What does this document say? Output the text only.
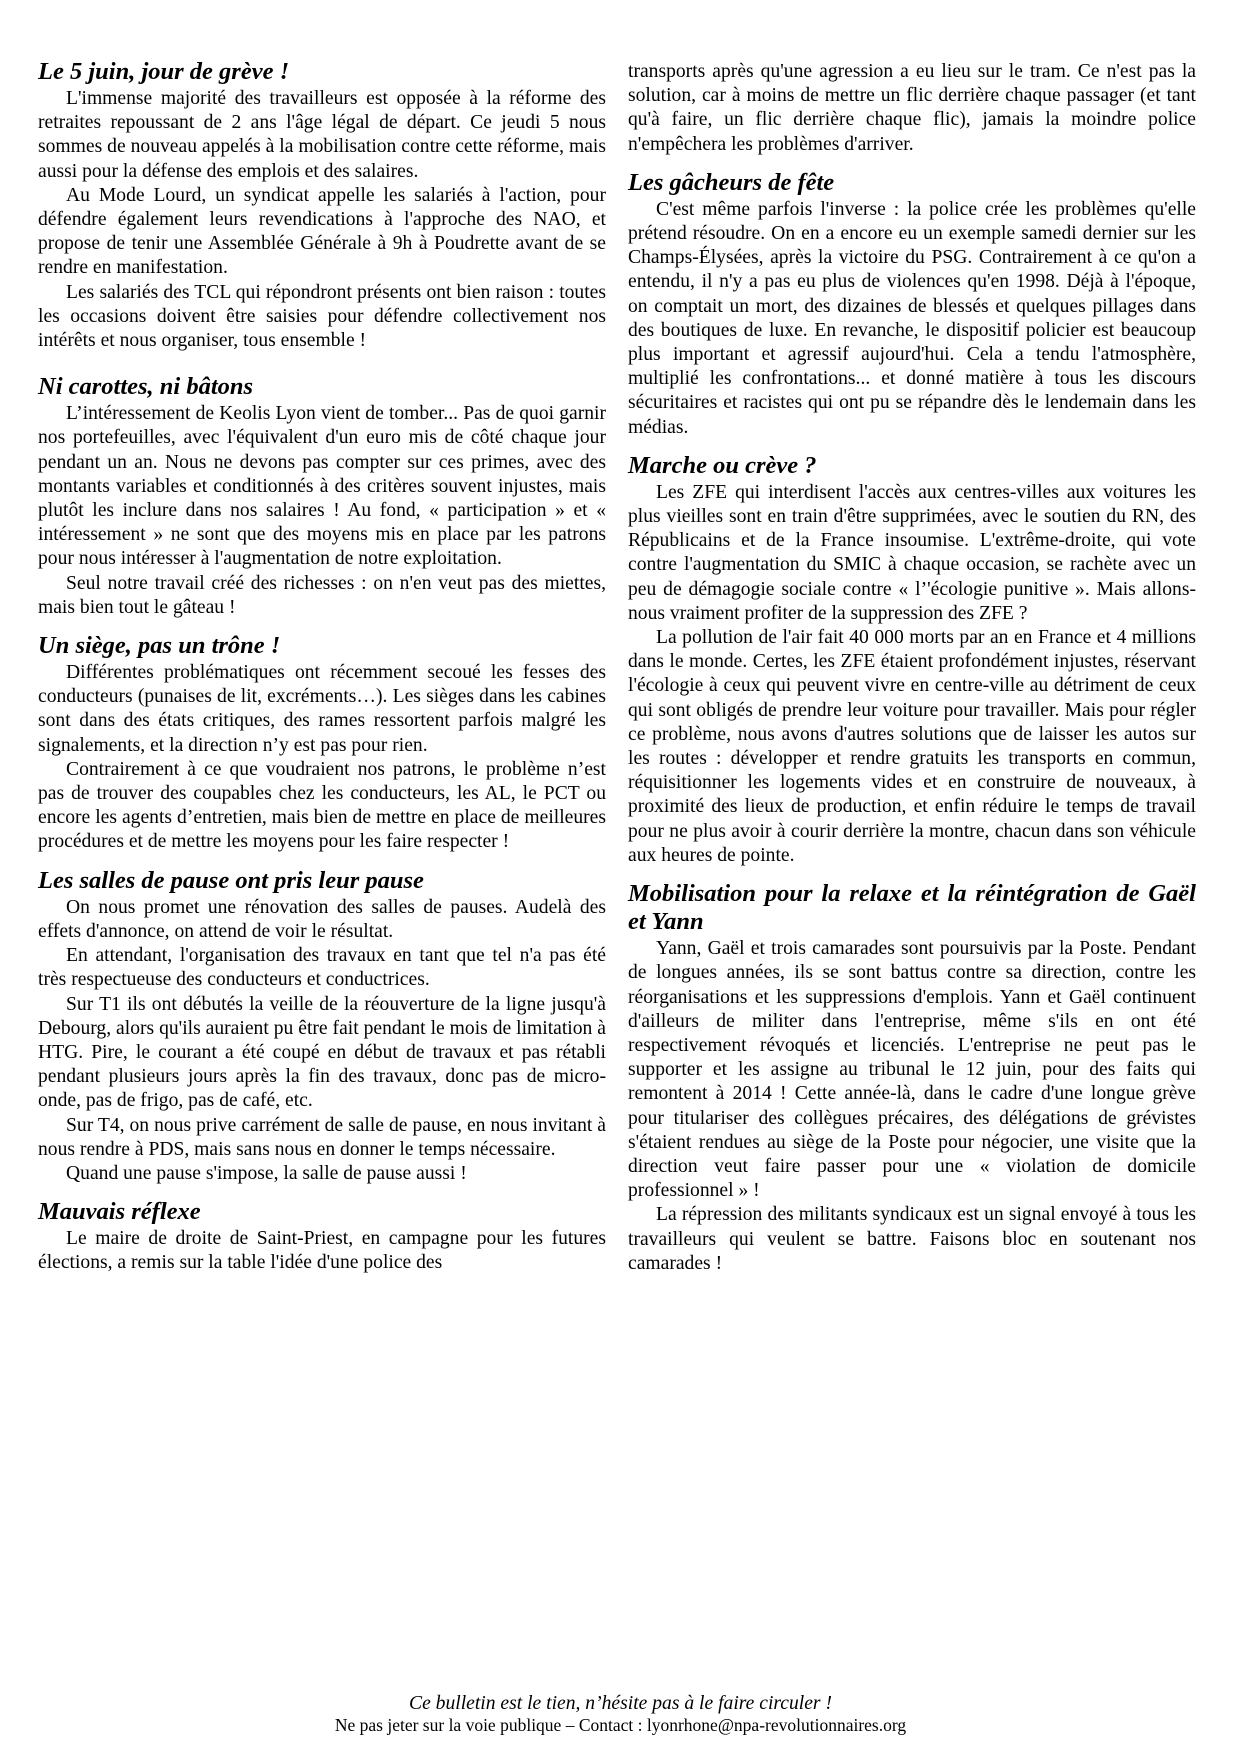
Le 5 juin, jour de grève !

L'immense majorité des travailleurs est opposée à la réforme des retraites repoussant de 2 ans l'âge légal de départ. Ce jeudi 5 nous sommes de nouveau appelés à la mobilisation contre cette réforme, mais aussi pour la défense des emplois et des salaires.

Au Mode Lourd, un syndicat appelle les salariés à l'action, pour défendre également leurs revendications à l'approche des NAO, et propose de tenir une Assemblée Générale à 9h à Poudrette avant de se rendre en manifestation.

Les salariés des TCL qui répondront présents ont bien raison : toutes les occasions doivent être saisies pour défendre collectivement nos intérêts et nous organiser, tous ensemble !

Ni carottes, ni bâtons

L’intéressement de Keolis Lyon vient de tomber... Pas de quoi garnir nos portefeuilles, avec l'équivalent d'un euro mis de côté chaque jour pendant un an. Nous ne devons pas compter sur ces primes, avec des montants variables et conditionnés à des critères souvent injustes, mais plutôt les inclure dans nos salaires ! Au fond, « participation » et « intéressement » ne sont que des moyens mis en place par les patrons pour nous intéresser à l'augmentation de notre exploitation.

Seul notre travail créé des richesses : on n'en veut pas des miettes, mais bien tout le gâteau !

Un siège, pas un trône !

Différentes problématiques ont récemment secoué les fesses des conducteurs (punaises de lit, excréments…). Les sièges dans les cabines sont dans des états critiques, des rames ressortent parfois malgré les signalements, et la direction n’y est pas pour rien.

Contrairement à ce que voudraient nos patrons, le problème n’est pas de trouver des coupables chez les conducteurs, les AL, le PCT ou encore les agents d’entretien, mais bien de mettre en place de meilleures procédures et de mettre les moyens pour les faire respecter !

Les salles de pause ont pris leur pause

On nous promet une rénovation des salles de pauses. Audelà des effets d'annonce, on attend de voir le résultat.

En attendant, l'organisation des travaux en tant que tel n'a pas été très respectueuse des conducteurs et conductrices.

Sur T1 ils ont débutés la veille de la réouverture de la ligne jusqu'à Debourg, alors qu'ils auraient pu être fait pendant le mois de limitation à HTG. Pire, le courant a été coupé en début de travaux et pas rétabli pendant plusieurs jours après la fin des travaux, donc pas de micro-onde, pas de frigo, pas de café, etc.

Sur T4, on nous prive carrément de salle de pause, en nous invitant à nous rendre à PDS, mais sans nous en donner le temps nécessaire.

Quand une pause s'impose, la salle de pause aussi !

Mauvais réflexe

Le maire de droite de Saint-Priest, en campagne pour les futures élections, a remis sur la table l'idée d'une police des

transports après qu'une agression a eu lieu sur le tram. Ce n'est pas la solution, car à moins de mettre un flic derrière chaque passager (et tant qu'à faire, un flic derrière chaque flic), jamais la moindre police n'empêchera les problèmes d'arriver.

Les gâcheurs de fête

C'est même parfois l'inverse : la police crée les problèmes qu'elle prétend résoudre. On en a encore eu un exemple samedi dernier sur les Champs-Élysées, après la victoire du PSG. Contrairement à ce qu'on a entendu, il n'y a pas eu plus de violences qu'en 1998. Déjà à l'époque, on comptait un mort, des dizaines de blessés et quelques pillages dans des boutiques de luxe. En revanche, le dispositif policier est beaucoup plus important et agressif aujourd'hui. Cela a tendu l'atmosphère, multiplié les confrontations... et donné matière à tous les discours sécuritaires et racistes qui ont pu se répandre dès le lendemain dans les médias.

Marche ou crève ?

Les ZFE qui interdisent l'accès aux centres-villes aux voitures les plus vieilles sont en train d'être supprimées, avec le soutien du RN, des Républicains et de la France insoumise. L'extrême-droite, qui vote contre l'augmentation du SMIC à chaque occasion, se rachète avec un peu de démagogie sociale contre « l’'écologie punitive ». Mais allons-nous vraiment profiter de la suppression des ZFE ?

La pollution de l'air fait 40 000 morts par an en France et 4 millions dans le monde. Certes, les ZFE étaient profondément injustes, réservant l'écologie à ceux qui peuvent vivre en centre-ville au détriment de ceux qui sont obligés de prendre leur voiture pour travailler. Mais pour régler ce problème, nous avons d'autres solutions que de laisser les autos sur les routes : développer et rendre gratuits les transports en commun, réquisitionner les logements vides et en construire de nouveaux, à proximité des lieux de production, et enfin réduire le temps de travail pour ne plus avoir à courir derrière la montre, chacun dans son véhicule aux heures de pointe.

Mobilisation pour la relaxe et la réintégration de Gaël et Yann

Yann, Gaël et trois camarades sont poursuivis par la Poste. Pendant de longues années, ils se sont battus contre sa direction, contre les réorganisations et les suppressions d'emplois. Yann et Gaël continuent d'ailleurs de militer dans l'entreprise, même s'ils en ont été respectivement révoqués et licenciés. L'entreprise ne peut pas le supporter et les assigne au tribunal le 12 juin, pour des faits qui remontent à 2014 ! Cette année-là, dans le cadre d'une longue grève pour titulariser des collègues précaires, des délégations de grévistes s'étaient rendues au siège de la Poste pour négocier, une visite que la direction veut faire passer pour une « violation de domicile professionnel » !

La répression des militants syndicaux est un signal envoyé à tous les travailleurs qui veulent se battre. Faisons bloc en soutenant nos camarades !

Ce bulletin est le tien, n’hésite pas à le faire circuler !
Ne pas jeter sur la voie publique – Contact : lyonrhone@npa-revolutionnaires.org
